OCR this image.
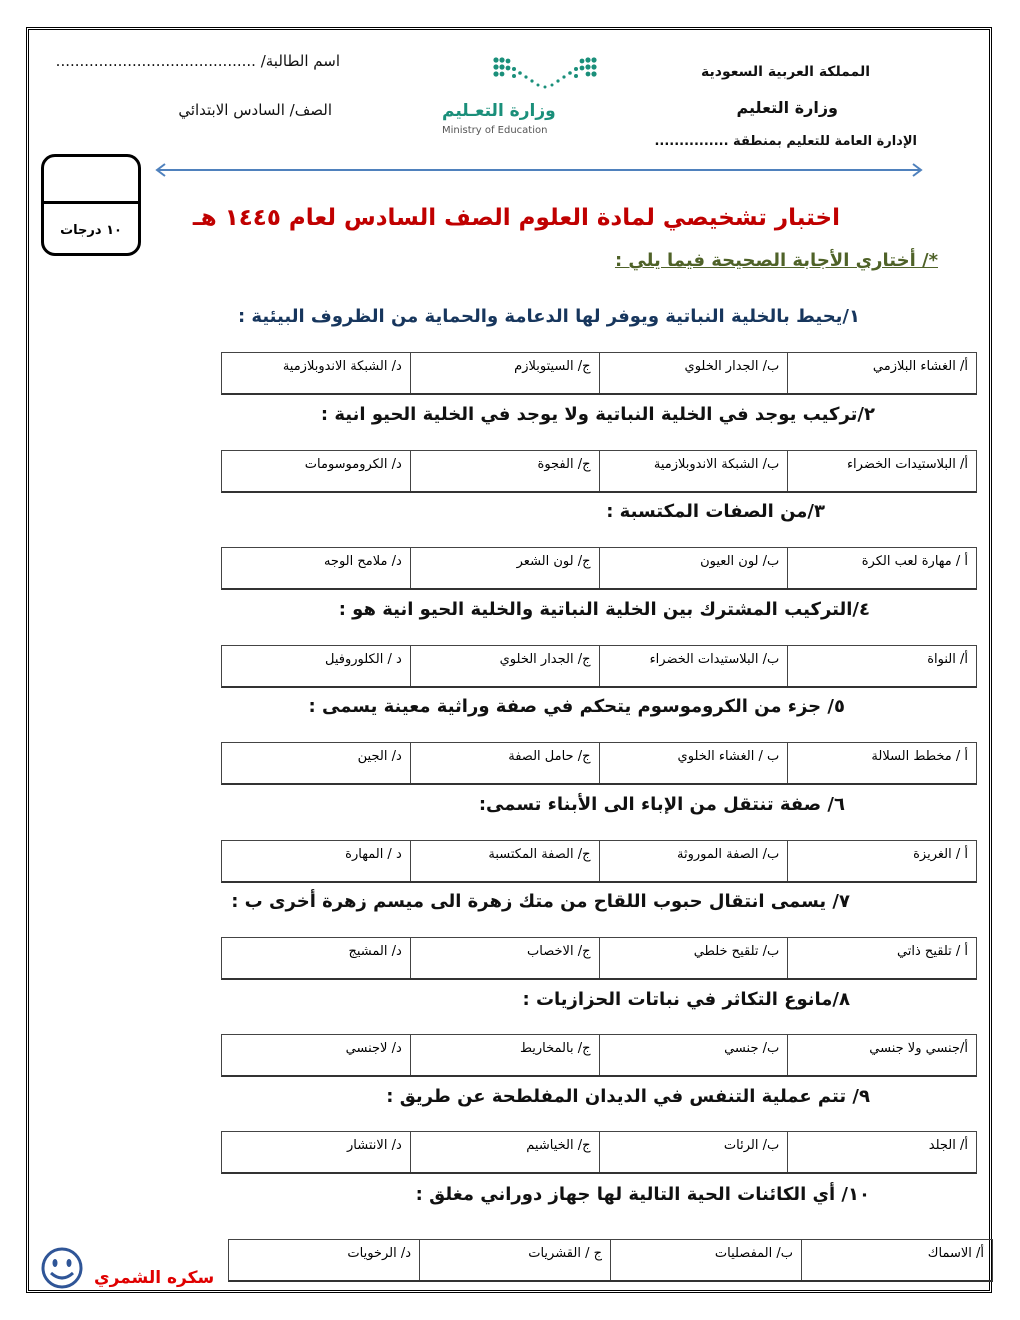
المملكة العربية السعودية
وزارة التعليم
الإدارة العامة للتعليم بمنطقة ...............
وزارة التعـليم
Ministry of Education
اسم الطالبة/ ..........................................
الصف/ السادس الابتدائي
١٠ درجات	اختبار تشخيصي لمادة العلوم الصف السادس لعام ١٤٤٥ هـ
*/ أختاري الأجابة الصحيحة فيما يلي :
١/يحيط بالخلية النباتية ويوفر لها الدعامة والحماية من الظروف البيئية :
أ/ الغشاء البلازمي
ب/ الجدار الخلوي
ج/ السيتوبلازم
د/ الشبكة الاندوبلازمية
٢/تركيب يوجد في الخلية النباتية ولا يوجد في الخلية الحيو انية :
أ/ البلاستيدات الخضراء
ب/ الشبكة الاندوبلازمية
ج/ الفجوة
د/ الكروموسومات
٣/من الصفات المكتسبة :
أ / مهارة لعب الكرة
ب/ لون العيون
ج/ لون الشعر
د/ ملامح الوجه
٤/التركيب المشترك بين الخلية النباتية والخلية الحيو انية هو :
أ/ النواة
ب/ البلاستيدات الخضراء
ج/ الجدار الخلوي
د / الكلوروفيل
٥/ جزء من الكروموسوم يتحكم في صفة وراثية معينة يسمى :
أ / مخطط السلالة
ب / الغشاء الخلوي
ج/ حامل الصفة
د/ الجين
٦/ صفة تنتقل من الإباء الى الأبناء تسمى:
أ / الغريزة
ب/ الصفة الموروثة
ج/ الصفة المكتسبة
د / المهارة
٧/ يسمى انتقال حبوب اللقاح من متك زهرة الى ميسم زهرة أخرى ب :
أ / تلقيح ذاتي
ب/ تلقيح خلطي
ج/ الاخصاب
د/ المشيج
٨/مانوع التكاثر في نباتات الحزازيات :
أ/جنسي ولا جنسي
ب/ جنسي
ج/ بالمخاريط
د/ لاجنسي
٩/ تتم عملية التنفس في الديدان المفلطحة عن طريق :
أ/ الجلد
ب/ الرئات
ج/ الخياشيم
د/ الانتشار
١٠/ أي الكائنات الحية التالية لها جهاز دوراني مغلق :
أ/ الاسماك
ب/ المفصليات
ج / القشريات
د/ الرخويات
سكره الشمري
